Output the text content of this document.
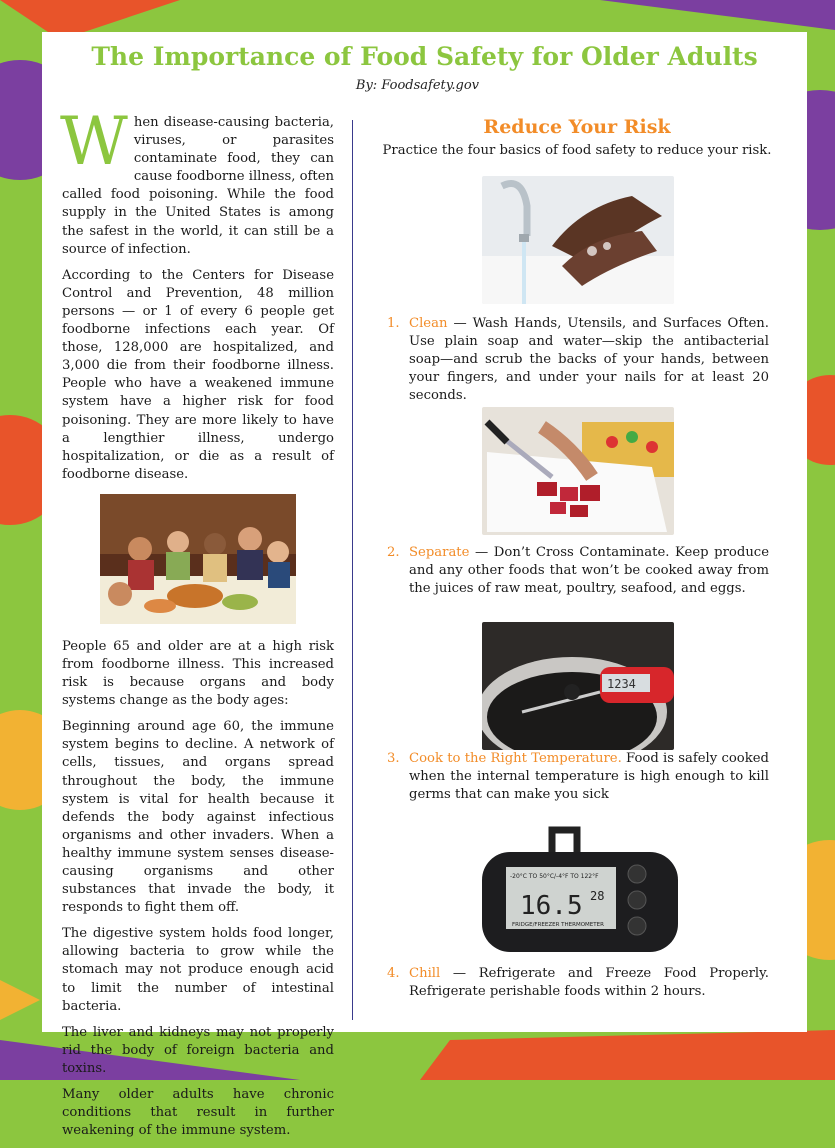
The Importance of Food Safety for Older Adults
By: Foodsafety.gov

When disease-causing bacteria, viruses, or parasites contaminate food, they can cause foodborne illness, often called food poisoning. While the food supply in the United States is among the safest in the world, it can still be a source of infection.

According to the Centers for Disease Control and Prevention, 48 million persons — or 1 of every 6 people get foodborne infections each year. Of those, 128,000 are hospitalized, and 3,000 die from their foodborne illness. People who have a weakened immune system have a higher risk for food poisoning. They are more likely to have a lengthier illness, undergo hospitalization, or die as a result of foodborne disease.

People 65 and older are at a high risk from foodborne illness. This increased risk is because organs and body systems change as the body ages:

Beginning around age 60, the immune system begins to decline. A network of cells, tissues, and organs spread throughout the body, the immune system is vital for health because it defends the body against infectious organisms and other invaders. When a healthy immune system senses disease-causing organisms and other substances that invade the body, it responds to fight them off.

The digestive system holds food longer, allowing bacteria to grow while the stomach may not produce enough acid to limit the number of intestinal bacteria.

The liver and kidneys may not properly rid the body of foreign bacteria and toxins.

Many older adults have chronic conditions that result in further weakening of the immune system.

Reduce Your Risk
Practice the four basics of food safety to reduce your risk.
1. Clean — Wash Hands, Utensils, and Surfaces Often. Use plain soap and water—skip the antibacterial soap—and scrub the backs of your hands, between your fingers, and under your nails for at least 20 seconds.
2. Separate — Don’t Cross Contaminate. Keep produce and any other foods that won’t be cooked away from the juices of raw meat, poultry, seafood, and eggs.
1234
3. Cook to the Right Temperature. Food is safely cooked when the internal temperature is high enough to kill germs that can make you sick
-20°C TO 50°C/-4°F TO 122°F
16.5 28
FRIDGE/FREEZER THERMOMETER
4. Chill — Refrigerate and Freeze Food Properly. Refrigerate perishable foods within 2 hours.
